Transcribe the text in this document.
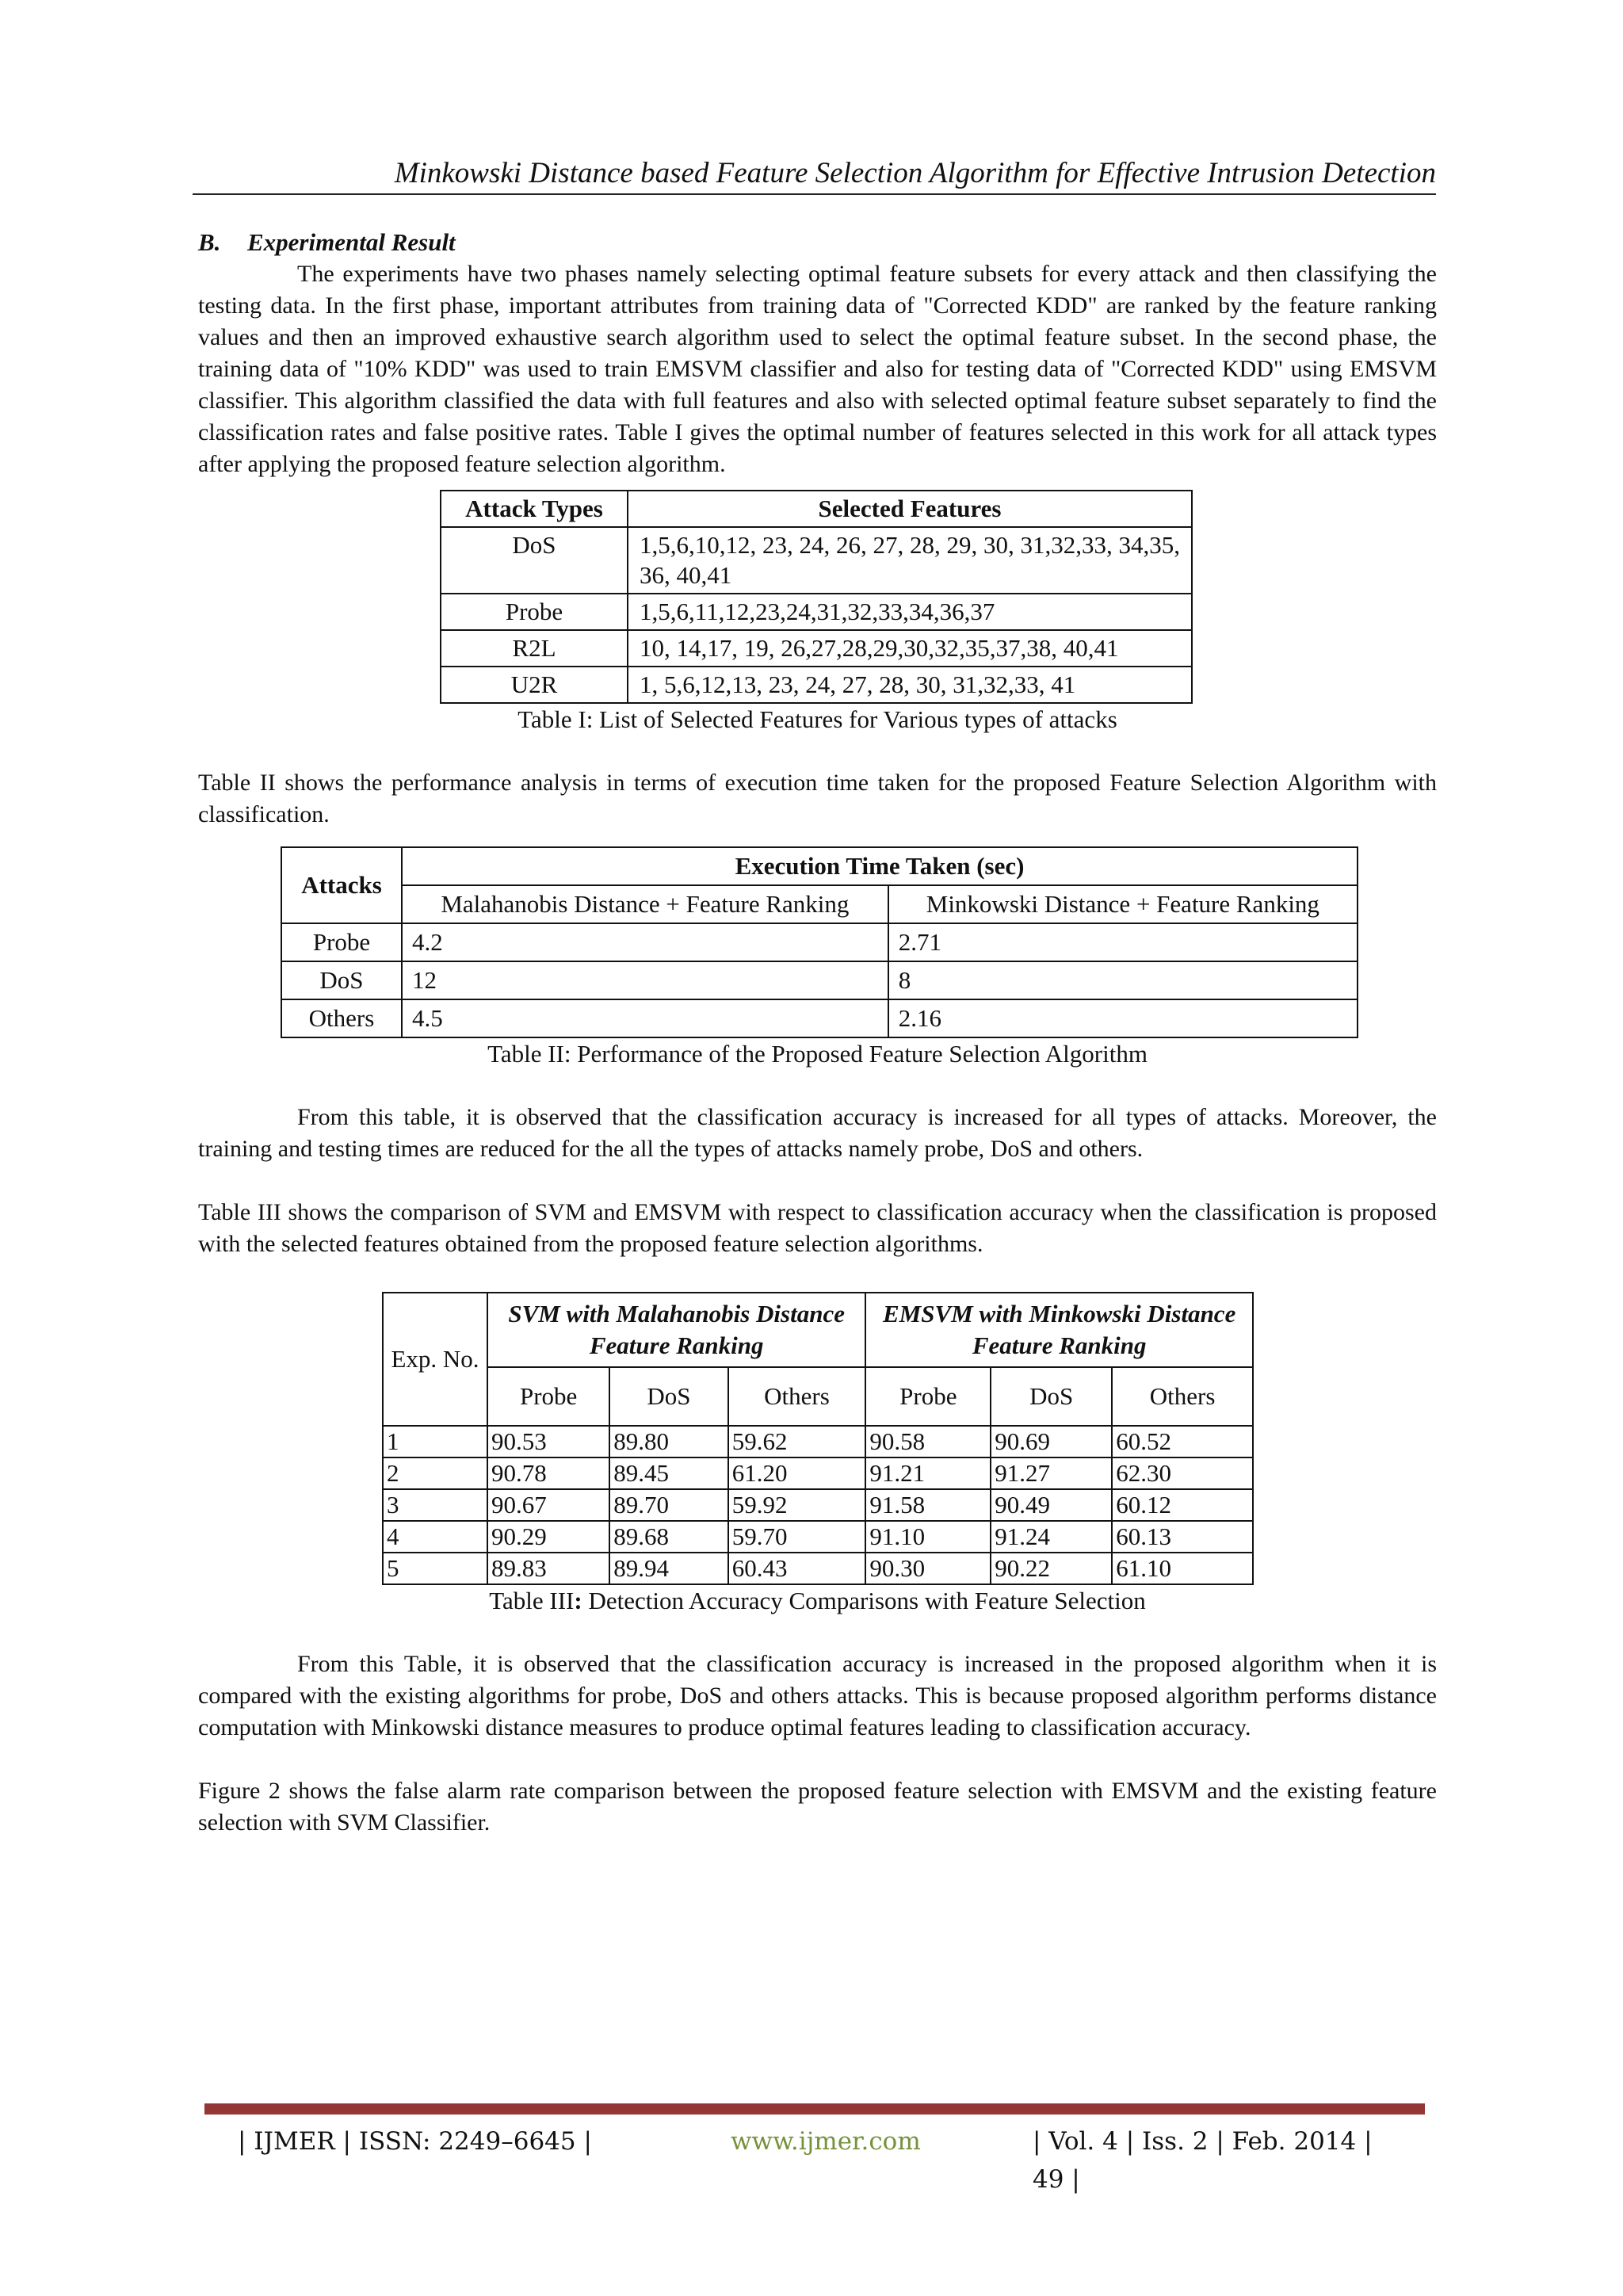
Minkowski Distance based Feature Selection Algorithm for Effective Intrusion Detection
B. Experimental Result

The experiments have two phases namely selecting optimal feature subsets for every attack and then classifying the testing data. In the first phase, important attributes from training data of "Corrected KDD" are ranked by the feature ranking values and then an improved exhaustive search algorithm used to select the optimal feature subset. In the second phase, the training data of "10% KDD" was used to train EMSVM classifier and also for testing data of "Corrected KDD" using EMSVM classifier. This algorithm classified the data with full features and also with selected optimal feature subset separately to find the classification rates and false positive rates. Table I gives the optimal number of features selected in this work for all attack types after applying the proposed feature selection algorithm.

Attack Types	Selected Features
DoS	1,5,6,10,12, 23, 24, 26, 27, 28, 29, 30, 31,32,33, 34,35, 36, 40,41
Probe	1,5,6,11,12,23,24,31,32,33,34,36,37
R2L	10, 14,17, 19, 26,27,28,29,30,32,35,37,38, 40,41
U2R	1, 5,6,12,13, 23, 24, 27, 28, 30, 31,32,33, 41
Table I: List of Selected Features for Various types of attacks

Table II shows the performance analysis in terms of execution time taken for the proposed Feature Selection Algorithm with classification.

Attacks	Execution Time Taken (sec)	
	Malahanobis Distance + Feature Ranking	Minkowski Distance + Feature Ranking
Probe	4.2	2.71
DoS	12	8
Others	4.5	2.16
Table II: Performance of the Proposed Feature Selection Algorithm

From this table, it is observed that the classification accuracy is increased for all types of attacks. Moreover, the training and testing times are reduced for the all the types of attacks namely probe, DoS and others.

Table III shows the comparison of SVM and EMSVM with respect to classification accuracy when the classification is proposed with the selected features obtained from the proposed feature selection algorithms.

Exp. No.	SVM with Malahanobis Distance Feature Ranking			EMSVM with Minkowski Distance Feature Ranking		
	Probe	DoS	Others	Probe	DoS	Others
1	90.53	89.80	59.62	90.58	90.69	60.52
2	90.78	89.45	61.20	91.21	91.27	62.30
3	90.67	89.70	59.92	91.58	90.49	60.12
4	90.29	89.68	59.70	91.10	91.24	60.13
5	89.83	89.94	60.43	90.30	90.22	61.10
Table III: Detection Accuracy Comparisons with Feature Selection

From this Table, it is observed that the classification accuracy is increased in the proposed algorithm when it is compared with the existing algorithms for probe, DoS and others attacks. This is because proposed algorithm performs distance computation with Minkowski distance measures to produce optimal features leading to classification accuracy.

Figure 2 shows the false alarm rate comparison between the proposed feature selection with EMSVM and the existing feature selection with SVM Classifier.

| IJMER | ISSN: 2249–6645 |	www.ijmer.com	| Vol. 4 | Iss. 2 | Feb. 2014 | 49 |
